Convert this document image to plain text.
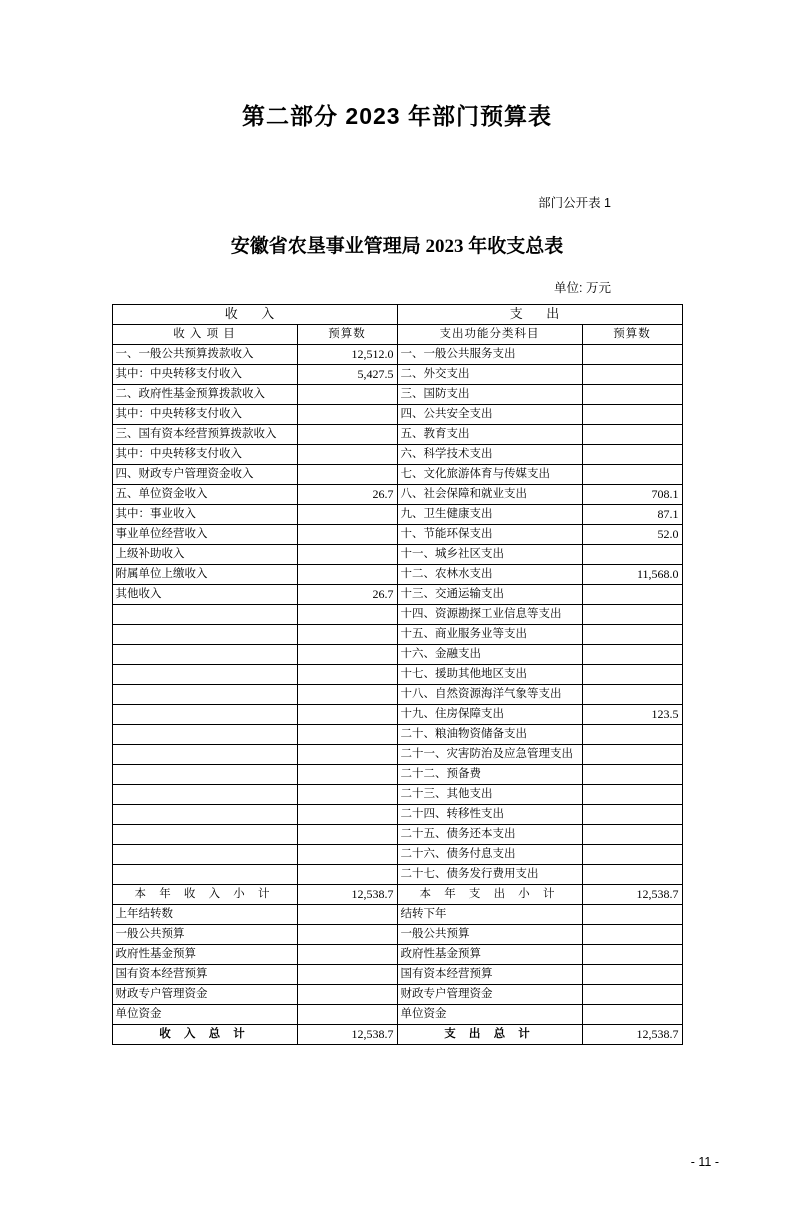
第二部分 2023 年部门预算表
部门公开表 1
安徽省农垦事业管理局 2023 年收支总表
单位: 万元
收 入		支 出	
收 入 项 目	预算数	支出功能分类科目	预算数
一、一般公共预算拨款收入	12,512.0	一、一般公共服务支出	
其中：中央转移支付收入	5,427.5	二、外交支出	
二、政府性基金预算拨款收入		三、国防支出	
其中：中央转移支付收入		四、公共安全支出	
三、国有资本经营预算拨款收入		五、教育支出	
其中：中央转移支付收入		六、科学技术支出	
四、财政专户管理资金收入		七、文化旅游体育与传媒支出	
五、单位资金收入	26.7	八、社会保障和就业支出	708.1
其中：事业收入		九、卫生健康支出	87.1
事业单位经营收入		十、节能环保支出	52.0
上级补助收入		十一、城乡社区支出	
附属单位上缴收入		十二、农林水支出	11,568.0
其他收入	26.7	十三、交通运输支出	
		十四、资源勘探工业信息等支出	
		十五、商业服务业等支出	
		十六、金融支出	
		十七、援助其他地区支出	
		十八、自然资源海洋气象等支出	
		十九、住房保障支出	123.5
		二十、粮油物资储备支出	
		二十一、灾害防治及应急管理支出	
		二十二、预备费	
		二十三、其他支出	
		二十四、转移性支出	
		二十五、债务还本支出	
		二十六、债务付息支出	
		二十七、债务发行费用支出	
本 年 收 入 小 计	12,538.7	本 年 支 出 小 计	12,538.7
上年结转数		结转下年	
一般公共预算		一般公共预算	
政府性基金预算		政府性基金预算	
国有资本经营预算		国有资本经营预算	
财政专户管理资金		财政专户管理资金	
单位资金		单位资金	
收 入 总 计	12,538.7	支 出 总 计	12,538.7
- 11 -
